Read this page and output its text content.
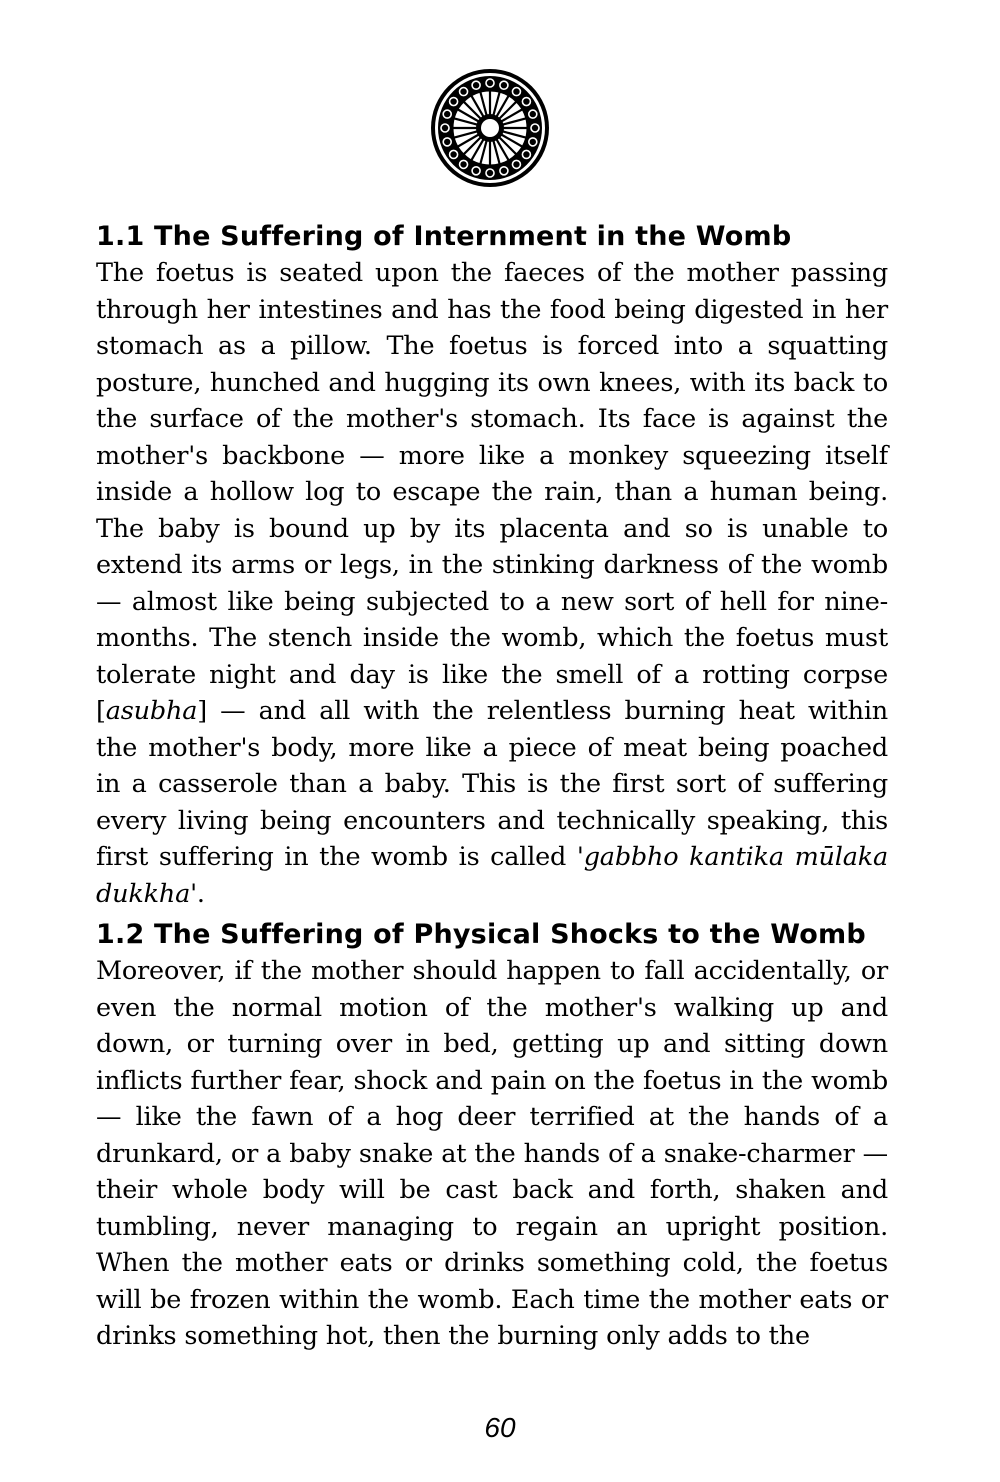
1.1 The Suffering of Internment in the Womb

The foetus is seated upon the faeces of the mother passing through her intestines and has the food being digested in her stomach as a pillow. The foetus is forced into a squatting posture, hunched and hugging its own knees, with its back to the surface of the mother's stomach. Its face is against the mother's backbone — more like a monkey squeezing itself inside a hollow log to escape the rain, than a human being. The baby is bound up by its placenta and so is unable to extend its arms or legs, in the stinking darkness of the womb — almost like being subjected to a new sort of hell for nine-months. The stench inside the womb, which the foetus must tolerate night and day is like the smell of a rotting corpse [asubha] — and all with the relentless burning heat within the mother's body, more like a piece of meat being poached in a casserole than a baby. This is the first sort of suffering every living being encounters and technically speaking, this first suffering in the womb is called 'gabbho kantika mūlaka dukkha'.

1.2 The Suffering of Physical Shocks to the Womb

Moreover, if the mother should happen to fall accidentally, or even the normal motion of the mother's walking up and down, or turning over in bed, getting up and sitting down inflicts further fear, shock and pain on the foetus in the womb — like the fawn of a hog deer terrified at the hands of a drunkard, or a baby snake at the hands of a snake-charmer — their whole body will be cast back and forth, shaken and tumbling, never managing to regain an upright position. When the mother eats or drinks something cold, the foetus will be frozen within the womb. Each time the mother eats or drinks something hot, then the burning only adds to the

60
